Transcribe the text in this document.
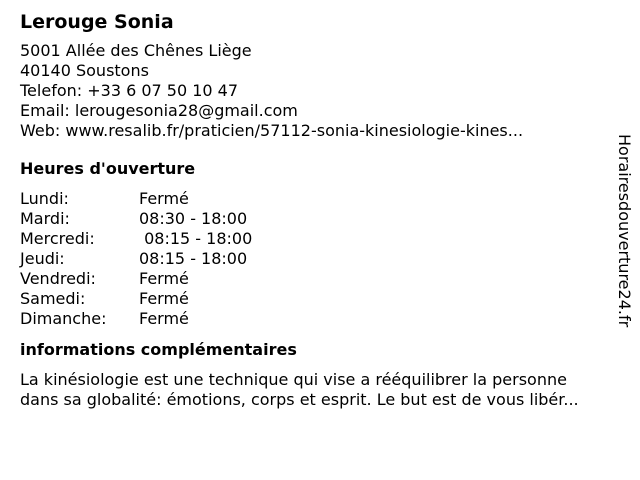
Lerouge Sonia
5001 Allée des Chênes Liège
40140 Soustons
Telefon: +33 6 07 50 10 47
Email: lerougesonia28@gmail.com
Web: www.resalib.fr/praticien/57112-sonia-kinesiologie-kines...
Heures d'ouverture
Lundi:	Fermé
Mardi:	08:30 - 18:00
Mercredi:	08:15 - 18:00
Jeudi:	08:15 - 18:00
Vendredi:	Fermé
Samedi:	Fermé
Dimanche: Fermé
informations complémentaires
La kinésiologie est une technique qui vise a rééquilibrer la personne
dans sa globalité: émotions, corps et esprit. Le but est de vous libér...
Horairesdouverture24.fr
